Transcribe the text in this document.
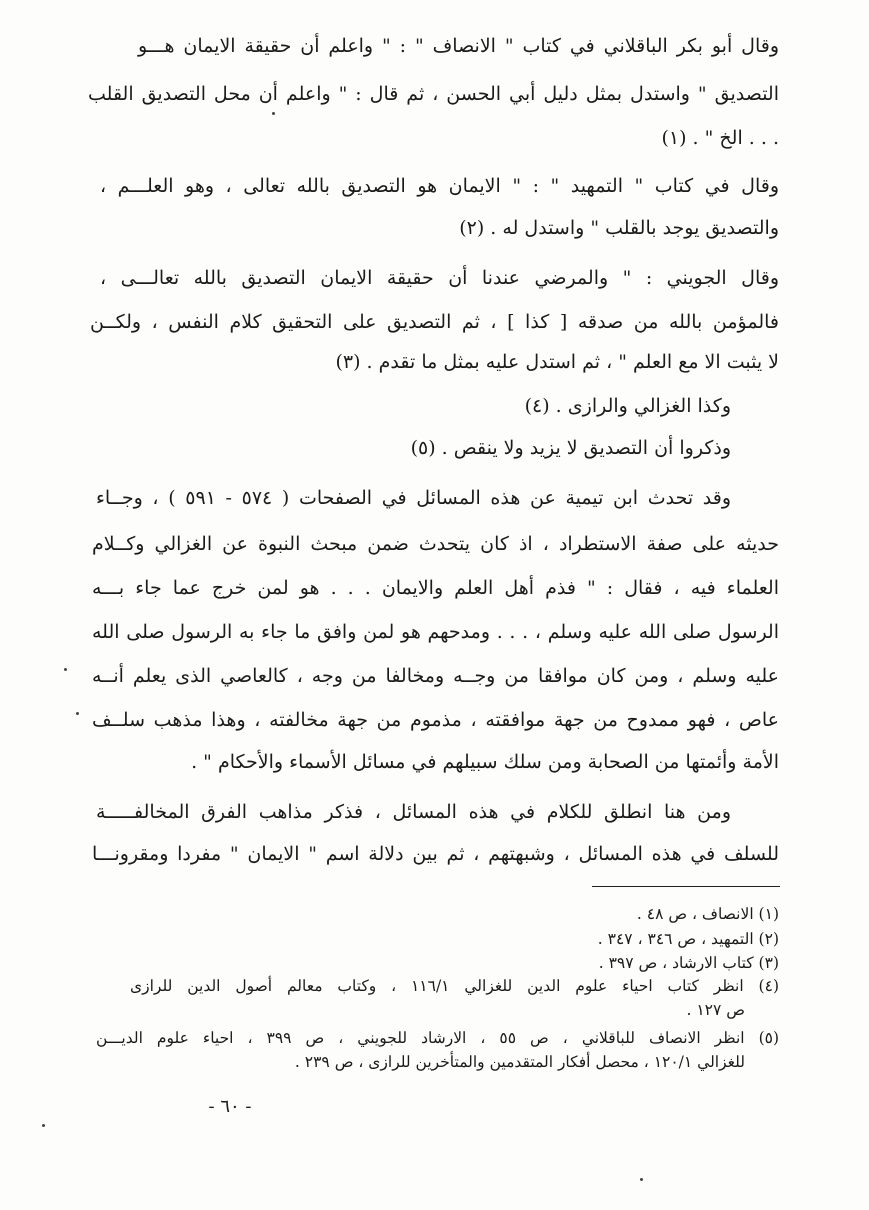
وقال أبو بكر الباقلاني في كتاب " الانصاف " : " واعلم أن حقيقة الايمان هـــو
التصديق " واستدل بمثل دليل أبي الحسن ، ثم قال : " واعلم أن محل التصديق القلب
. . . الخ " . (١)
وقال في كتاب " التمهيد " : " الايمان هو التصديق بالله تعالى ، وهو العلـــم ،
والتصديق يوجد بالقلب " واستدل له . (٢)
وقال الجويني : " والمرضي عندنا أن حقيقة الايمان التصديق بالله تعالـــى ،
فالمؤمن بالله من صدقه [ كذا ] ، ثم التصديق على التحقيق كلام النفس ، ولكــن
لا يثبت الا مع العلم " ، ثم استدل عليه بمثل ما تقدم . (٣)
وكذا الغزالي والرازى . (٤)
وذكروا أن التصديق لا يزيد ولا ينقص . (٥)
وقد تحدث ابن تيمية عن هذه المسائل في الصفحات ( ٥٧٤ - ٥٩١ ) ، وجــاء
حديثه على صفة الاستطراد ، اذ كان يتحدث ضمن مبحث النبوة عن الغزالي وكــلام
العلماء فيه ، فقال : " فذم أهل العلم والايمان . . . هو لمن خرج عما جاء بـــه
الرسول صلى الله عليه وسلم ، . . . ومدحهم هو لمن وافق ما جاء به الرسول صلى الله
عليه وسلم ، ومن كان موافقا من وجــه ومخالفا من وجه ، كالعاصي الذى يعلم أنــه
عاص ، فهو ممدوح من جهة موافقته ، مذموم من جهة مخالفته ، وهذا مذهب سلــف
الأمة وأئمتها من الصحابة ومن سلك سبيلهم في مسائل الأسماء والأحكام " .
ومن هنا انطلق للكلام في هذه المسائل ، فذكر مذاهب الفرق المخالفـــــة
للسلف في هذه المسائل ، وشبهتهم ، ثم بين دلالة اسم " الايمان " مفردا ومقرونـــا
(١) الانصاف ، ص ٤٨ .
(٢) التمهيد ، ص ٣٤٦ ، ٣٤٧ .
(٣) كتاب الارشاد ، ص ٣٩٧ .
(٤) انظر كتاب احياء علوم الدين للغزالي ١١٦/١ ، وكتاب معالم أصول الدين للرازى
ص ١٢٧ .
(٥) انظر الانصاف للباقلاني ، ص ٥٥ ، الارشاد للجويني ، ص ٣٩٩ ، احياء علوم الديـــن
للغزالي ١٢٠/١ ، محصل أفكار المتقدمين والمتأخرين للرازى ، ص ٢٣٩ .
- ٦٠ -
